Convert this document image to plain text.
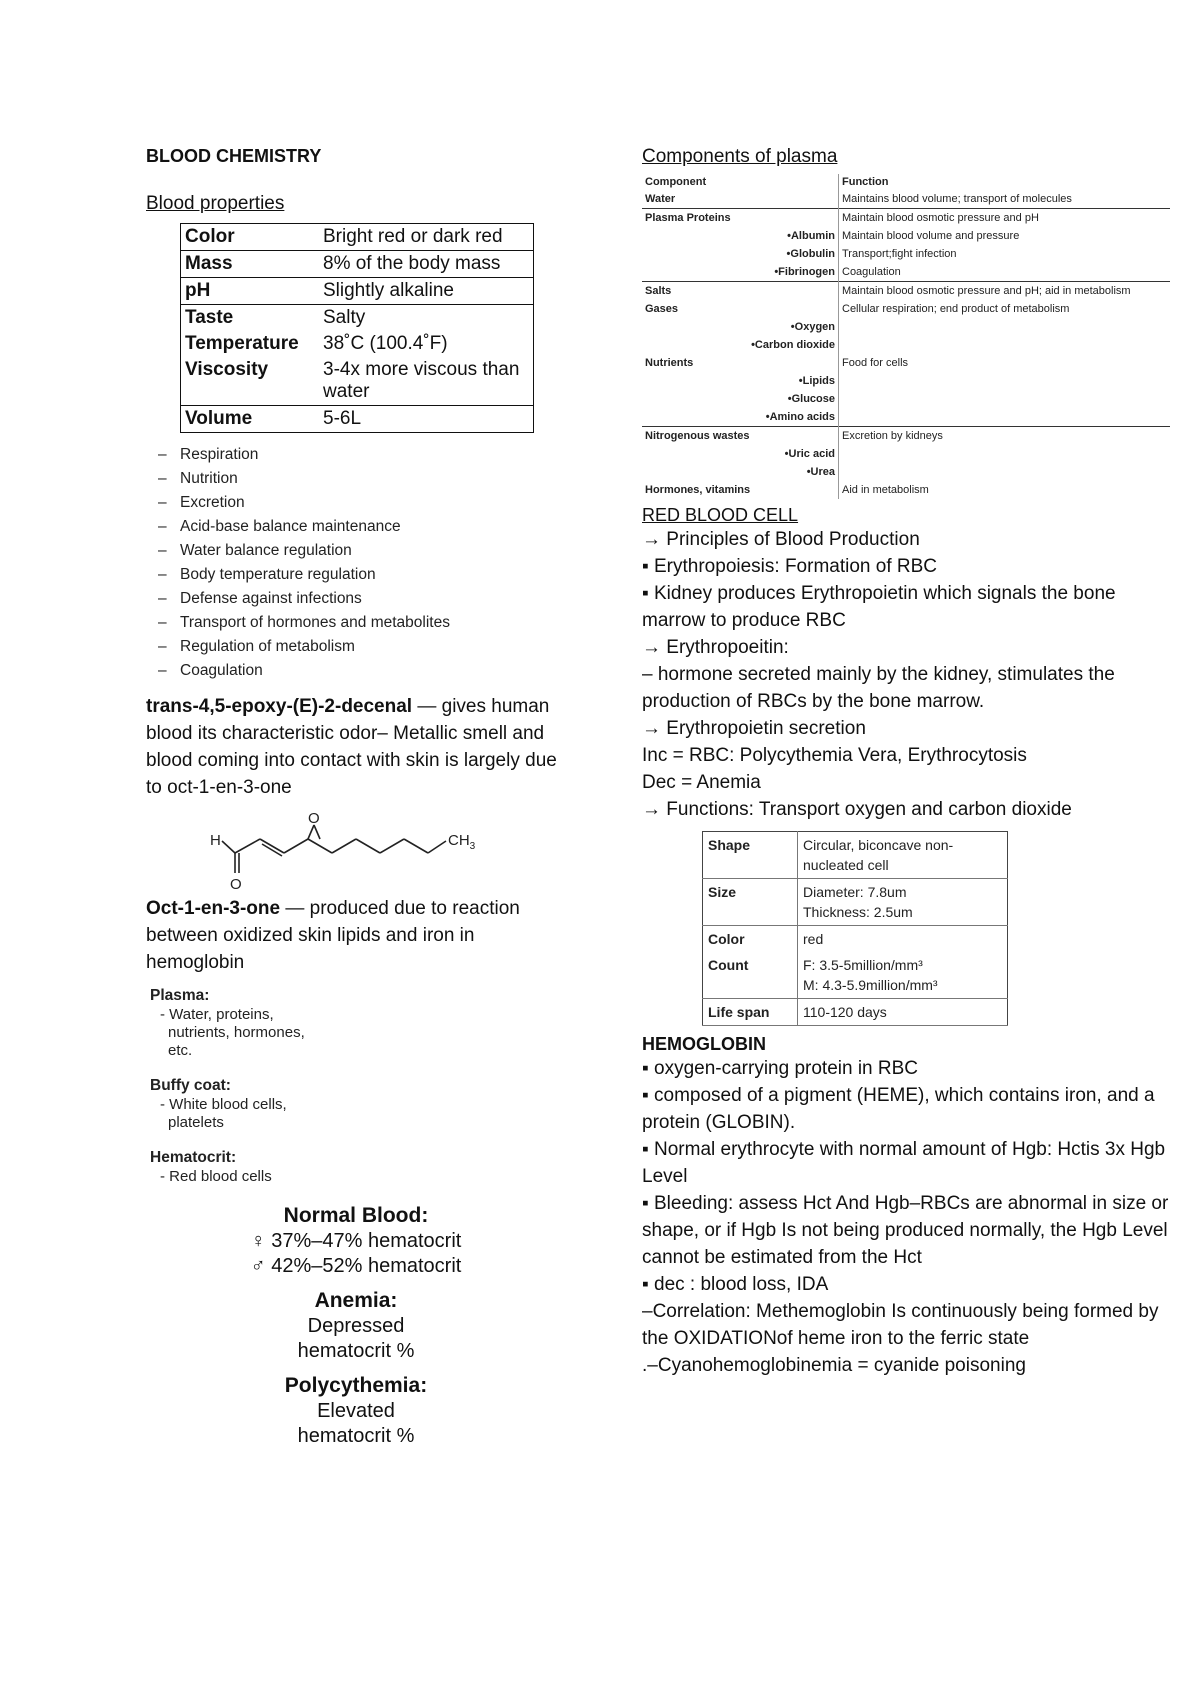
BLOOD CHEMISTRY

Blood properties

Color	Bright red or dark red
Mass	8% of the body mass
pH	Slightly alkaline
Taste	Salty
Temperature	38˚C (100.4˚F)
Viscosity	3-4x more viscous than water
Volume	5-6L
– Respiration
– Nutrition
– Excretion
– Acid-base balance maintenance
– Water balance regulation
– Body temperature regulation
– Defense against infections
– Transport of hormones and metabolites
– Regulation of metabolism
– Coagulation

trans-4,5-epoxy-(E)-2-decenal — gives human blood its characteristic odor– Metallic smell and blood coming into contact with skin is largely due to oct-1-en-3-one

H
O
O
$CH_3$

Oct-1-en-3-one — produced due to reaction between oxidized skin lipids and iron in hemoglobin

Plasma:
- Water, proteins,
nutrients, hormones,
etc.
Buffy coat:
- White blood cells,
platelets
Hematocrit:
- Red blood cells
Normal Blood:
♀ 37%–47% hematocrit
♂ 42%–52% hematocrit
Anemia:
Depressed
hematocrit %
Polycythemia:
Elevated
hematocrit %

Components of plasma

Component	Function
Water	Maintains blood volume; transport of molecules
Plasma Proteins	Maintain blood osmotic pressure and pH
•Albumin	Maintain blood volume and pressure
•Globulin	Transport;fight infection
•Fibrinogen	Coagulation
Salts	Maintain blood osmotic pressure and pH; aid in metabolism
Gases	Cellular respiration; end product of metabolism
•Oxygen	
•Carbon dioxide	
Nutrients	Food for cells
•Lipids	
•Glucose	
•Amino acids	
Nitrogenous wastes	Excretion by kidneys
•Uric acid	
•Urea	
Hormones, vitamins	Aid in metabolism

RED BLOOD CELL

→ Principles of Blood Production

▪ Erythropoiesis: Formation of RBC

▪ Kidney produces Erythropoietin which signals the bone marrow to produce RBC

→ Erythropoeitin:

– hormone secreted mainly by the kidney, stimulates the production of RBCs by the bone marrow.

→ Erythropoietin secretion

Inc = RBC: Polycythemia Vera, Erythrocytosis

Dec = Anemia

→ Functions: Transport oxygen and carbon dioxide

Shape	Circular, biconcave non-
nucleated cell

Size	Diameter: 7.8um
Thickness: 2.5um

Color	red

Count	F: 3.5-5million/mm³
M: 4.3-5.9million/mm³

Life span	110-120 days

HEMOGLOBIN

▪ oxygen-carrying protein in RBC

▪ composed of a pigment (HEME), which contains iron, and a protein (GLOBIN).

▪ Normal erythrocyte with normal amount of Hgb: Hctis 3x Hgb Level

▪ Bleeding: assess Hct And Hgb–RBCs are abnormal in size or shape, or if Hgb Is not being produced normally, the Hgb Level cannot be estimated from the Hct

▪ dec : blood loss, IDA

–Correlation: Methemoglobin Is continuously being formed by the OXIDATIONof heme iron to the ferric state

.–Cyanohemoglobinemia = cyanide poisoning
